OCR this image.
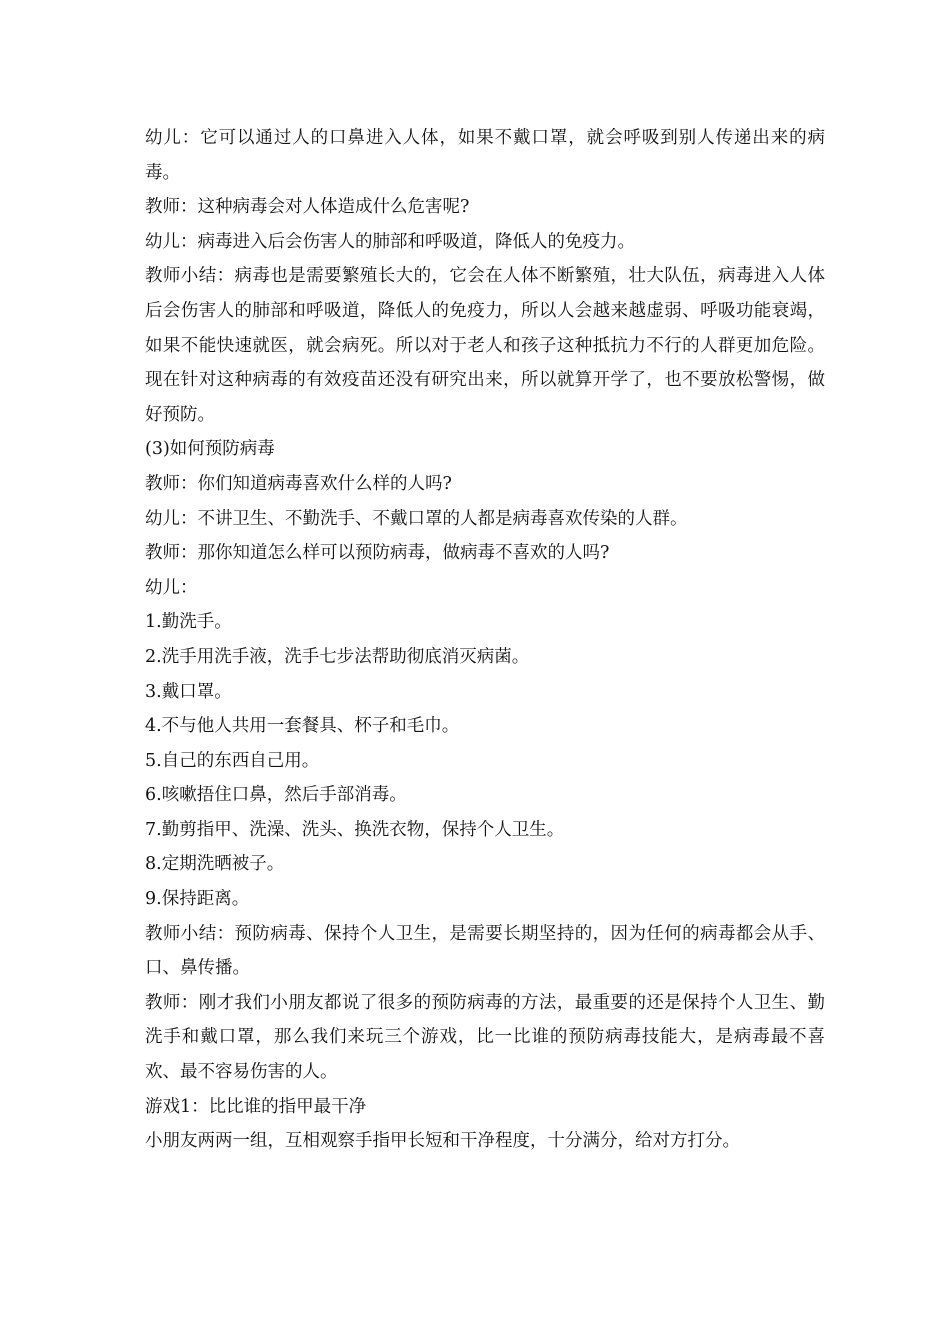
幼儿：它可以通过人的口鼻进入人体，如果不戴口罩，就会呼吸到别人传递出来的病毒。

教师：这种病毒会对人体造成什么危害呢?

幼儿：病毒进入后会伤害人的肺部和呼吸道，降低人的免疫力。

教师小结：病毒也是需要繁殖长大的，它会在人体不断繁殖，壮大队伍，病毒进入人体后会伤害人的肺部和呼吸道，降低人的免疫力，所以人会越来越虚弱、呼吸功能衰竭，如果不能快速就医，就会病死。所以对于老人和孩子这种抵抗力不行的人群更加危险。现在针对这种病毒的有效疫苗还没有研究出来，所以就算开学了，也不要放松警惕，做好预防。

(3)如何预防病毒

教师：你们知道病毒喜欢什么样的人吗?

幼儿：不讲卫生、不勤洗手、不戴口罩的人都是病毒喜欢传染的人群。

教师：那你知道怎么样可以预防病毒，做病毒不喜欢的人吗?

幼儿：

1.勤洗手。

2.洗手用洗手液，洗手七步法帮助彻底消灭病菌。

3.戴口罩。

4.不与他人共用一套餐具、杯子和毛巾。

5.自己的东西自己用。

6.咳嗽捂住口鼻，然后手部消毒。

7.勤剪指甲、洗澡、洗头、换洗衣物，保持个人卫生。

8.定期洗晒被子。

9.保持距离。

教师小结：预防病毒、保持个人卫生，是需要长期坚持的，因为任何的病毒都会从手、口、鼻传播。

教师：刚才我们小朋友都说了很多的预防病毒的方法，最重要的还是保持个人卫生、勤洗手和戴口罩，那么我们来玩三个游戏，比一比谁的预防病毒技能大，是病毒最不喜欢、最不容易伤害的人。

游戏1：比比谁的指甲最干净

小朋友两两一组，互相观察手指甲长短和干净程度，十分满分，给对方打分。
